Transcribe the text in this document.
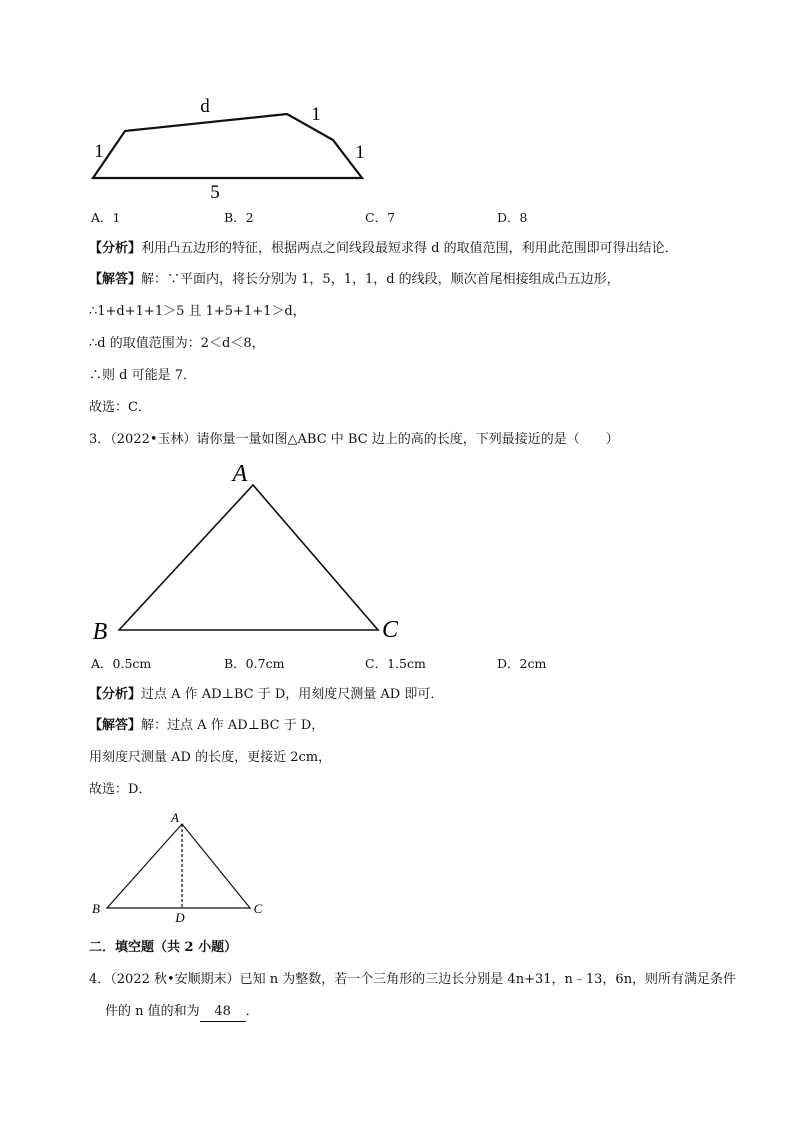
d
1
1
1
5
A．1	B．2	C．7	D．8
【分析】利用凸五边形的特征，根据两点之间线段最短求得 d 的取值范围，利用此范围即可得出结论．
【解答】解：∵平面内，将长分别为 1，5，1，1，d 的线段，顺次首尾相接组成凸五边形，
∴1+d+1+1＞5 且 1+5+1+1＞d，
∴d 的取值范围为：2＜d＜8，
∴则 d 可能是 7．
故选：C．
3．（2022•玉林）请你量一量如图△ABC 中 BC 边上的高的长度，下列最接近的是（　　）
A
B	C
A．0.5cm	B．0.7cm	C．1.5cm	D．2cm
【分析】过点 A 作 AD⊥BC 于 D，用刻度尺测量 AD 即可．
【解答】解：过点 A 作 AD⊥BC 于 D，
用刻度尺测量 AD 的长度，更接近 2cm，
故选：D．
A
B	C
D
二．填空题（共 2 小题）
4．（2022 秋•安顺期末）已知 n 为整数，若一个三角形的三边长分别是 4n+31，n﹣13，6n，则所有满足条件
件的 n 值的和为 48 ．
